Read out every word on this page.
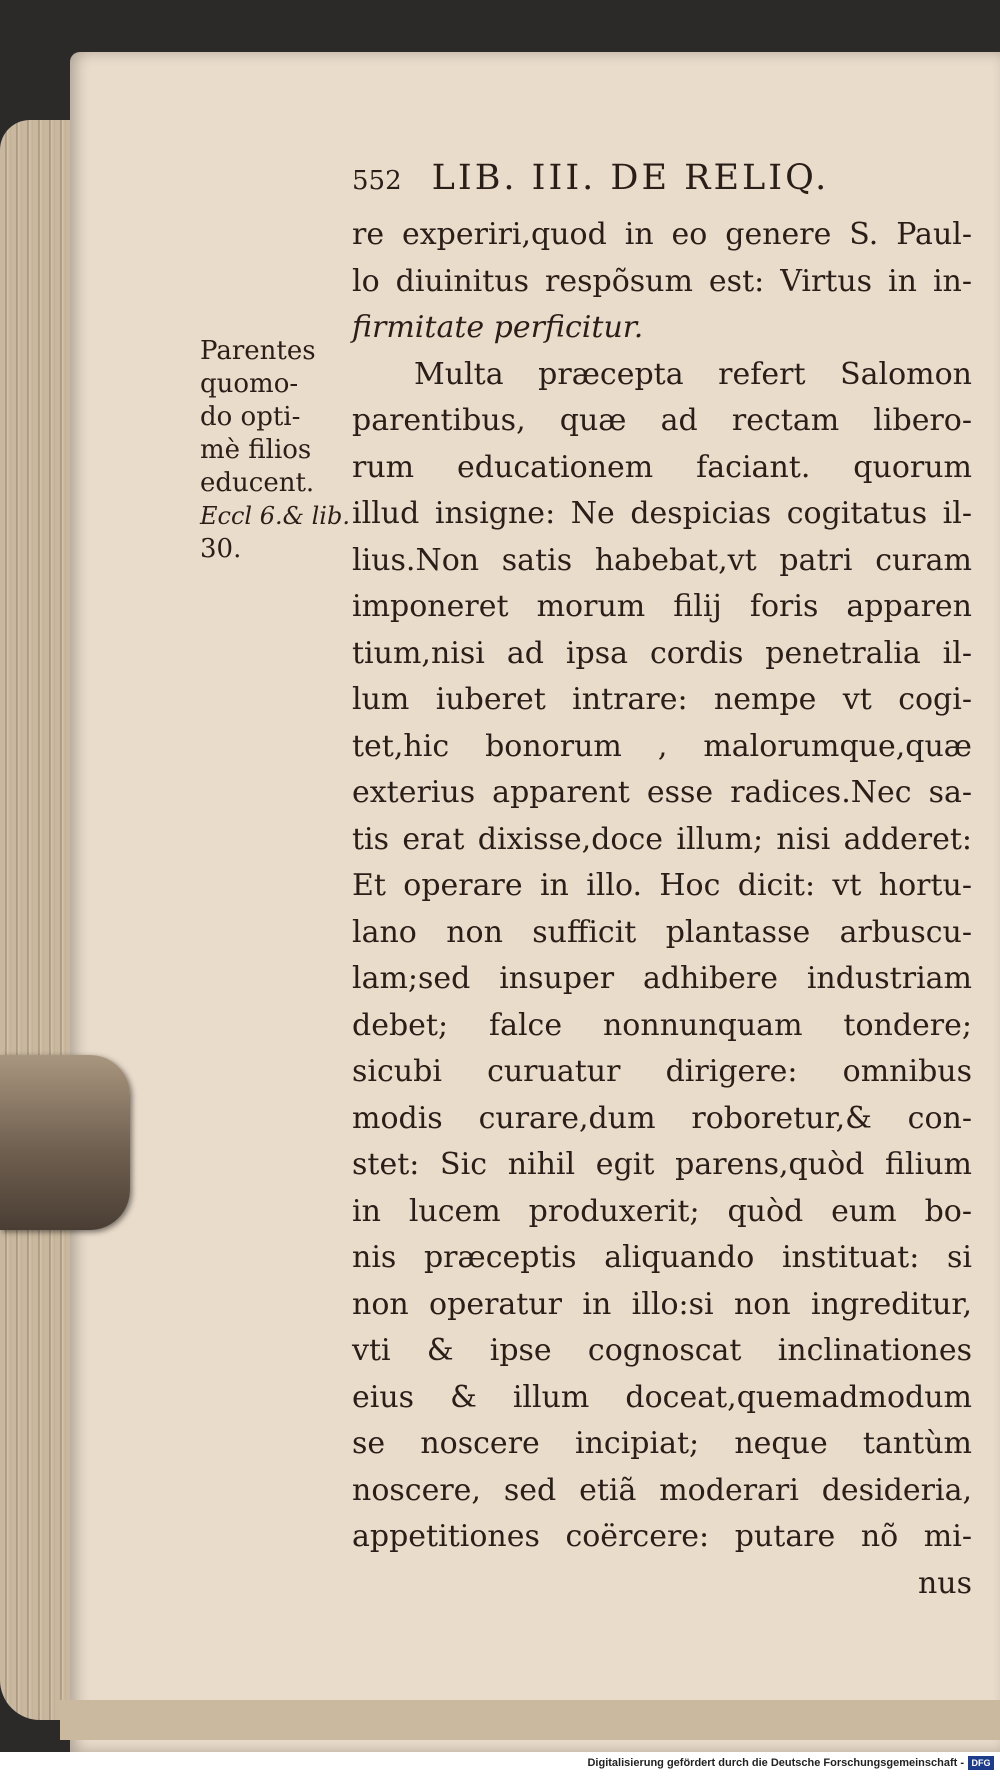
552 LIB. III. DE RELIQ.
Parentes
quomo-
do opti-
mè filios
educent.
Eccl 6.& lib.
30.
re experiri,quod in eo genere S. Paul-
lo diuinitus respõsum est: Virtus in in-
firmitate perficitur.
Multa præcepta refert Salomon
parentibus, quæ ad rectam libero-
rum educationem faciant. quorum
illud insigne: Ne despicias cogitatus il-
lius.Non satis habebat,vt patri curam
imponeret morum filij foris apparen
tium,nisi ad ipsa cordis penetralia il-
lum iuberet intrare: nempe vt cogi-
tet,hic bonorum , malorumque,quæ
exterius apparent esse radices.Nec sa-
tis erat dixisse,doce illum; nisi adderet:
Et operare in illo. Hoc dicit: vt hortu-
lano non sufficit plantasse arbuscu-
lam;sed insuper adhibere industriam
debet; falce nonnunquam tondere;
sicubi curuatur dirigere: omnibus
modis curare,dum roboretur,& con-
stet: Sic nihil egit parens,quòd filium
in lucem produxerit; quòd eum bo-
nis præceptis aliquando instituat: si
non operatur in illo:si non ingreditur,
vti & ipse cognoscat inclinationes
eius & illum doceat,quemadmodum
se noscere incipiat; neque tantùm
noscere, sed etiã moderari desideria,
appetitiones coërcere: putare nõ mi-
nus
Digitalisierung gefördert durch die Deutsche Forschungsgemeinschaft - DFG
